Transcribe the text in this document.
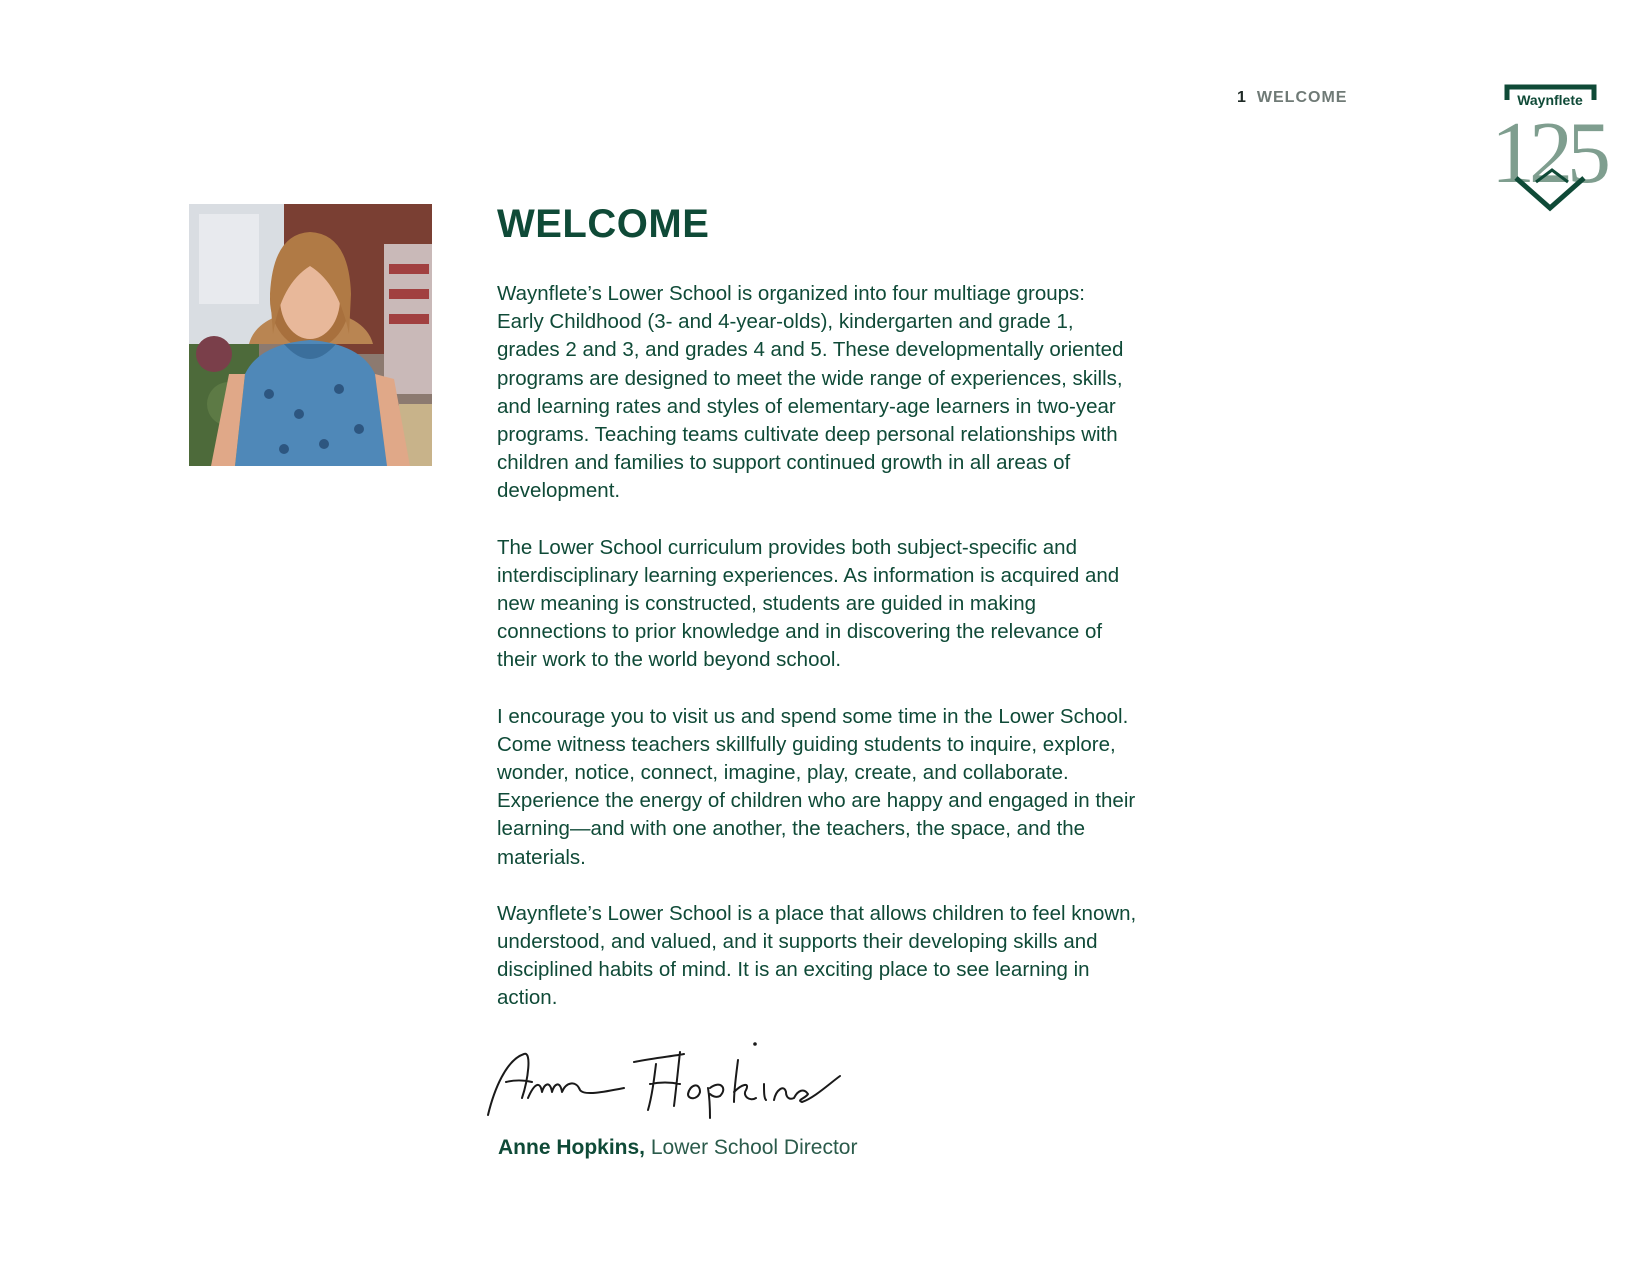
1 WELCOME	Waynflete
125
WELCOME

Waynflete’s Lower School is organized into four multiage groups: Early Childhood (3- and 4-year-olds), kindergarten and grade 1, grades 2 and 3, and grades 4 and 5. These developmentally oriented programs are designed to meet the wide range of experiences, skills, and learning rates and styles of elementary-age learners in two-year programs. Teaching teams cultivate deep personal relationships with children and families to support continued growth in all areas of development.

The Lower School curriculum provides both subject-specific and interdisciplinary learning experiences. As information is acquired and new meaning is constructed, students are guided in making connections to prior knowledge and in discovering the relevance of their work to the world beyond school.

I encourage you to visit us and spend some time in the Lower School. Come witness teachers skillfully guiding students to inquire, explore, wonder, notice, connect, imagine, play, create, and collaborate. Experience the energy of children who are happy and engaged in their learning—and with one another, the teachers, the space, and the materials.

Waynflete’s Lower School is a place that allows children to feel known, understood, and valued, and it supports their developing skills and disciplined habits of mind. It is an exciting place to see learning in action.

Anne Hopkins, Lower School Director
